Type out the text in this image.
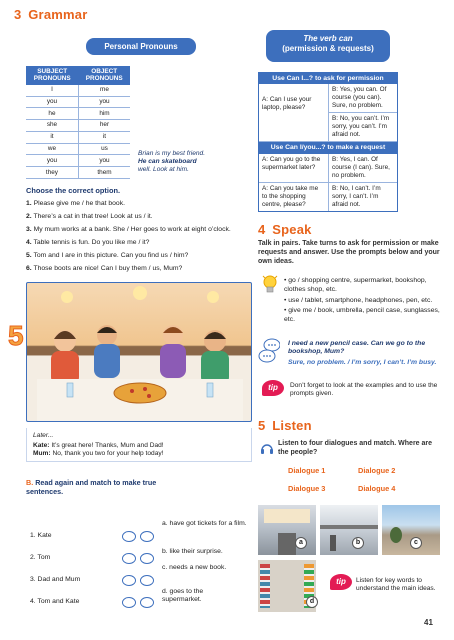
3 Grammar
Personal Pronouns
SUBJECT PRONOUNS	OBJECT PRONOUNS
I	me
you	you
he	him
she	her
it	it
we	us
you	you
they	them
Brian is my best friend.
He can skateboard
well. Look at him.
Choose the correct option.
1. Please give me / he that book.
2. There’s a cat in that tree! Look at us / it.
3. My mum works at a bank. She / Her goes to work at eight o’clock.
4. Table tennis is fun. Do you like me / it?
5. Tom and I are in this picture. Can you find us / him?
6. Those boots are nice! Can I buy them / us, Mum?
5
The verb can
(permission & requests)
Use Can I...? to ask for permission
A: Can I use your laptop, please?
B: Yes, you can. Of course (you can). Sure, no problem.
B: No, you can’t. I’m sorry, you can’t. I’m afraid not.
Use Can I/you...? to make a request
A: Can you go to the supermarket later?
B: Yes, I can. Of course (I can). Sure, no problem.
A: Can you take me to the shopping centre, please?
B: No, I can’t. I’m sorry, I can’t. I’m afraid not.
4 Speak
Talk in pairs. Take turns to ask for permission or make requests and answer. Use the prompts below and your own ideas.
• go / shopping centre, supermarket, bookshop, clothes shop, etc.
• use / tablet, smartphone, headphones, pen, etc.
• give me / book, umbrella, pencil case, sunglasses, etc.
I need a new pencil case. Can we go to the bookshop, Mum?
Sure, no problem. / I’m sorry, I can’t. I’m busy.
tip	Don’t forget to look at the examples and to use the prompts given.
5 Listen
Listen to four dialogues and match. Where are the people?
Dialogue 1	Dialogue 2
Dialogue 3	Dialogue 4
a	b	c
d
tip	Listen for key words to understand the main ideas.
41
Later...
Kate: It’s great here! Thanks, Mum and Dad!
Mum: No, thank you two for your help today!
B. Read again and match to make true sentences.
1. Kate
2. Tom
3. Dad and Mum
4. Tom and Kate
a. have got tickets for a film.
b. like their surprise.
c. needs a new book.
d. goes to the supermarket.
